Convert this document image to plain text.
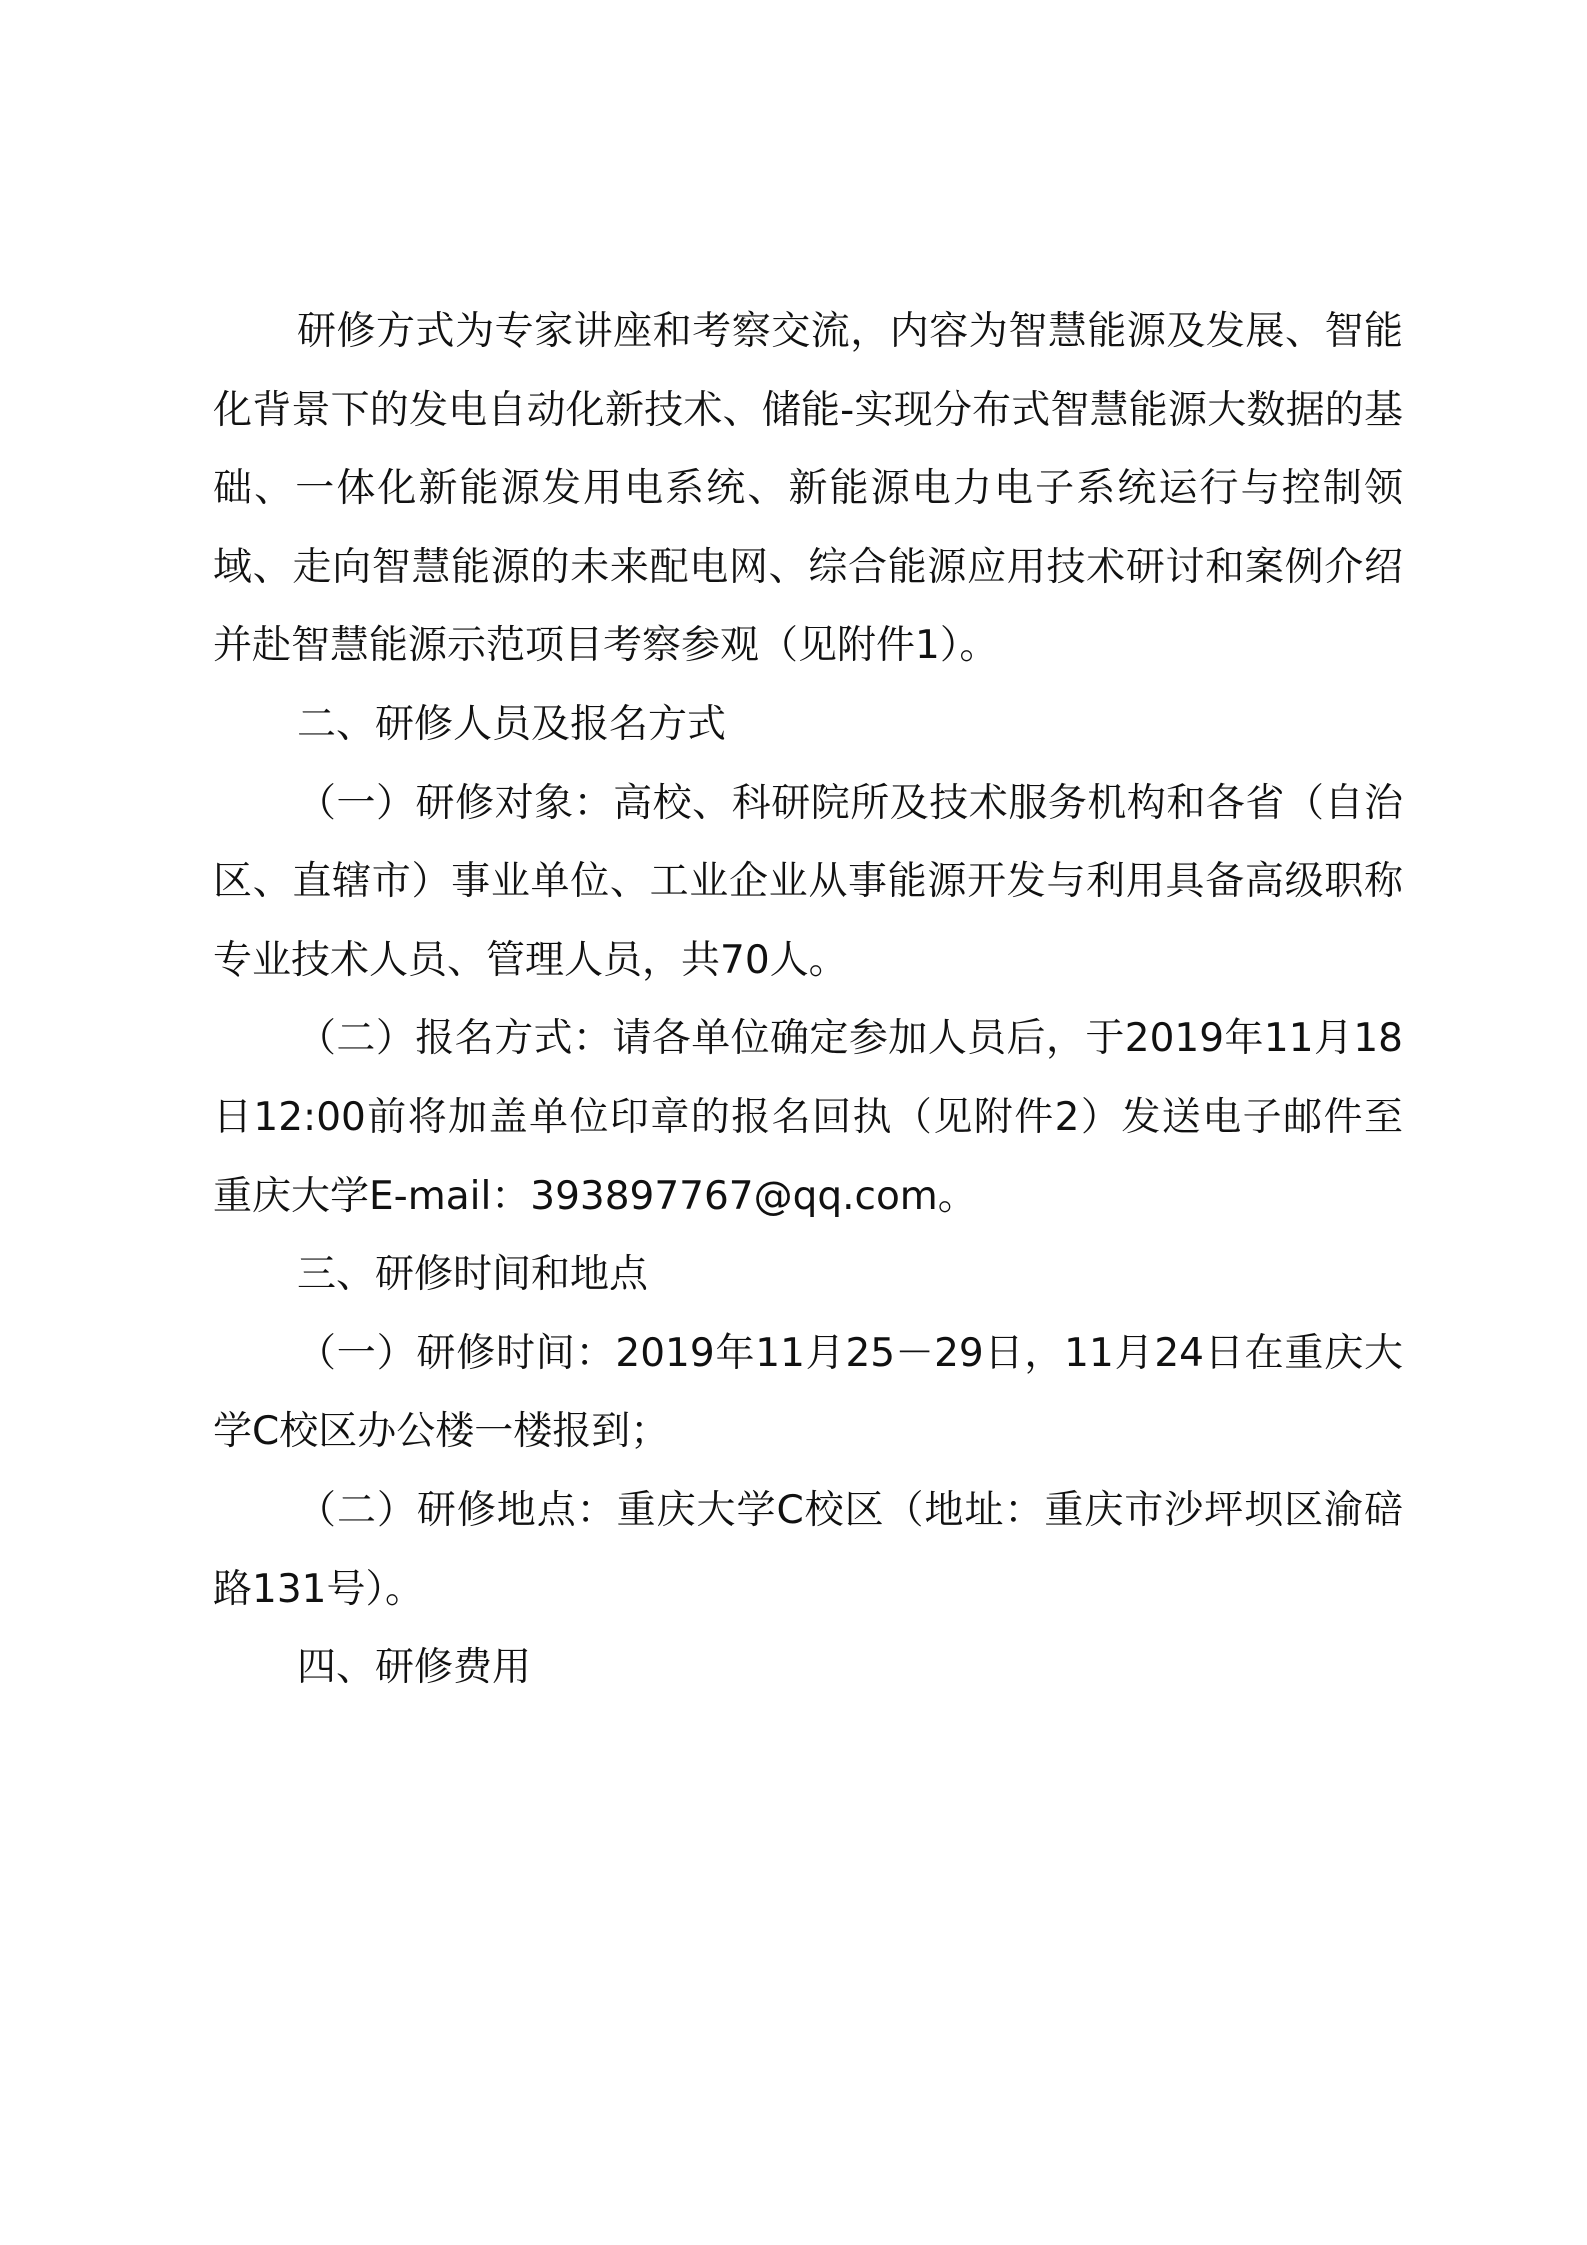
研修方式为专家讲座和考察交流，内容为智慧能源及发展、智能化背景下的发电自动化新技术、储能-实现分布式智慧能源大数据的基础、一体化新能源发用电系统、新能源电力电子系统运行与控制领域、走向智慧能源的未来配电网、综合能源应用技术研讨和案例介绍并赴智慧能源示范项目考察参观（见附件1）。

二、研修人员及报名方式

（一）研修对象：高校、科研院所及技术服务机构和各省（自治区、直辖市）事业单位、工业企业从事能源开发与利用具备高级职称专业技术人员、管理人员，共70人。

（二）报名方式：请各单位确定参加人员后，于2019年11月18日12:00前将加盖单位印章的报名回执（见附件2）发送电子邮件至重庆大学E-mail：393897767@qq.com。

三、研修时间和地点

（一）研修时间：2019年11月25－29日，11月24日在重庆大学C校区办公楼一楼报到；

（二）研修地点：重庆大学C校区（地址：重庆市沙坪坝区渝碚路131号）。

四、研修费用
